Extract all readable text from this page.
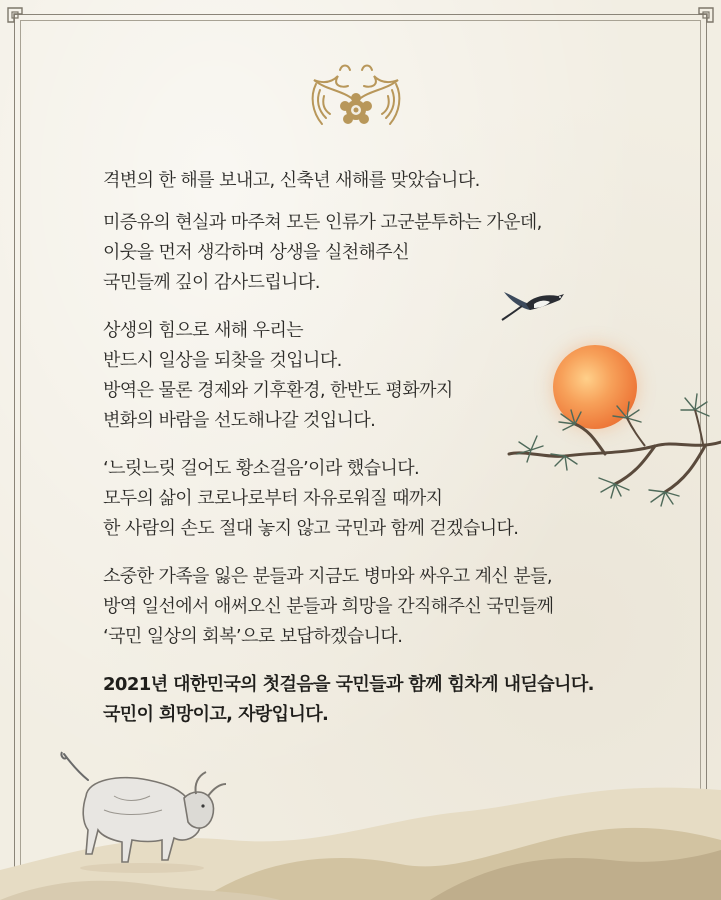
격변의 한 해를 보내고, 신축년 새해를 맞았습니다.

미증유의 현실과 마주쳐 모든 인류가 고군분투하는 가운데,
이웃을 먼저 생각하며 상생을 실천해주신
국민들께 깊이 감사드립니다.

상생의 힘으로 새해 우리는
반드시 일상을 되찾을 것입니다.
방역은 물론 경제와 기후환경, 한반도 평화까지
변화의 바람을 선도해나갈 것입니다.

‘느릿느릿 걸어도 황소걸음’이라 했습니다.
모두의 삶이 코로나로부터 자유로워질 때까지
한 사람의 손도 절대 놓지 않고 국민과 함께 걷겠습니다.

소중한 가족을 잃은 분들과 지금도 병마와 싸우고 계신 분들,
방역 일선에서 애써오신 분들과 희망을 간직해주신 국민들께
‘국민 일상의 회복’으로 보답하겠습니다.

2021년 대한민국의 첫걸음을 국민들과 함께 힘차게 내딛습니다.
국민이 희망이고, 자랑입니다.
